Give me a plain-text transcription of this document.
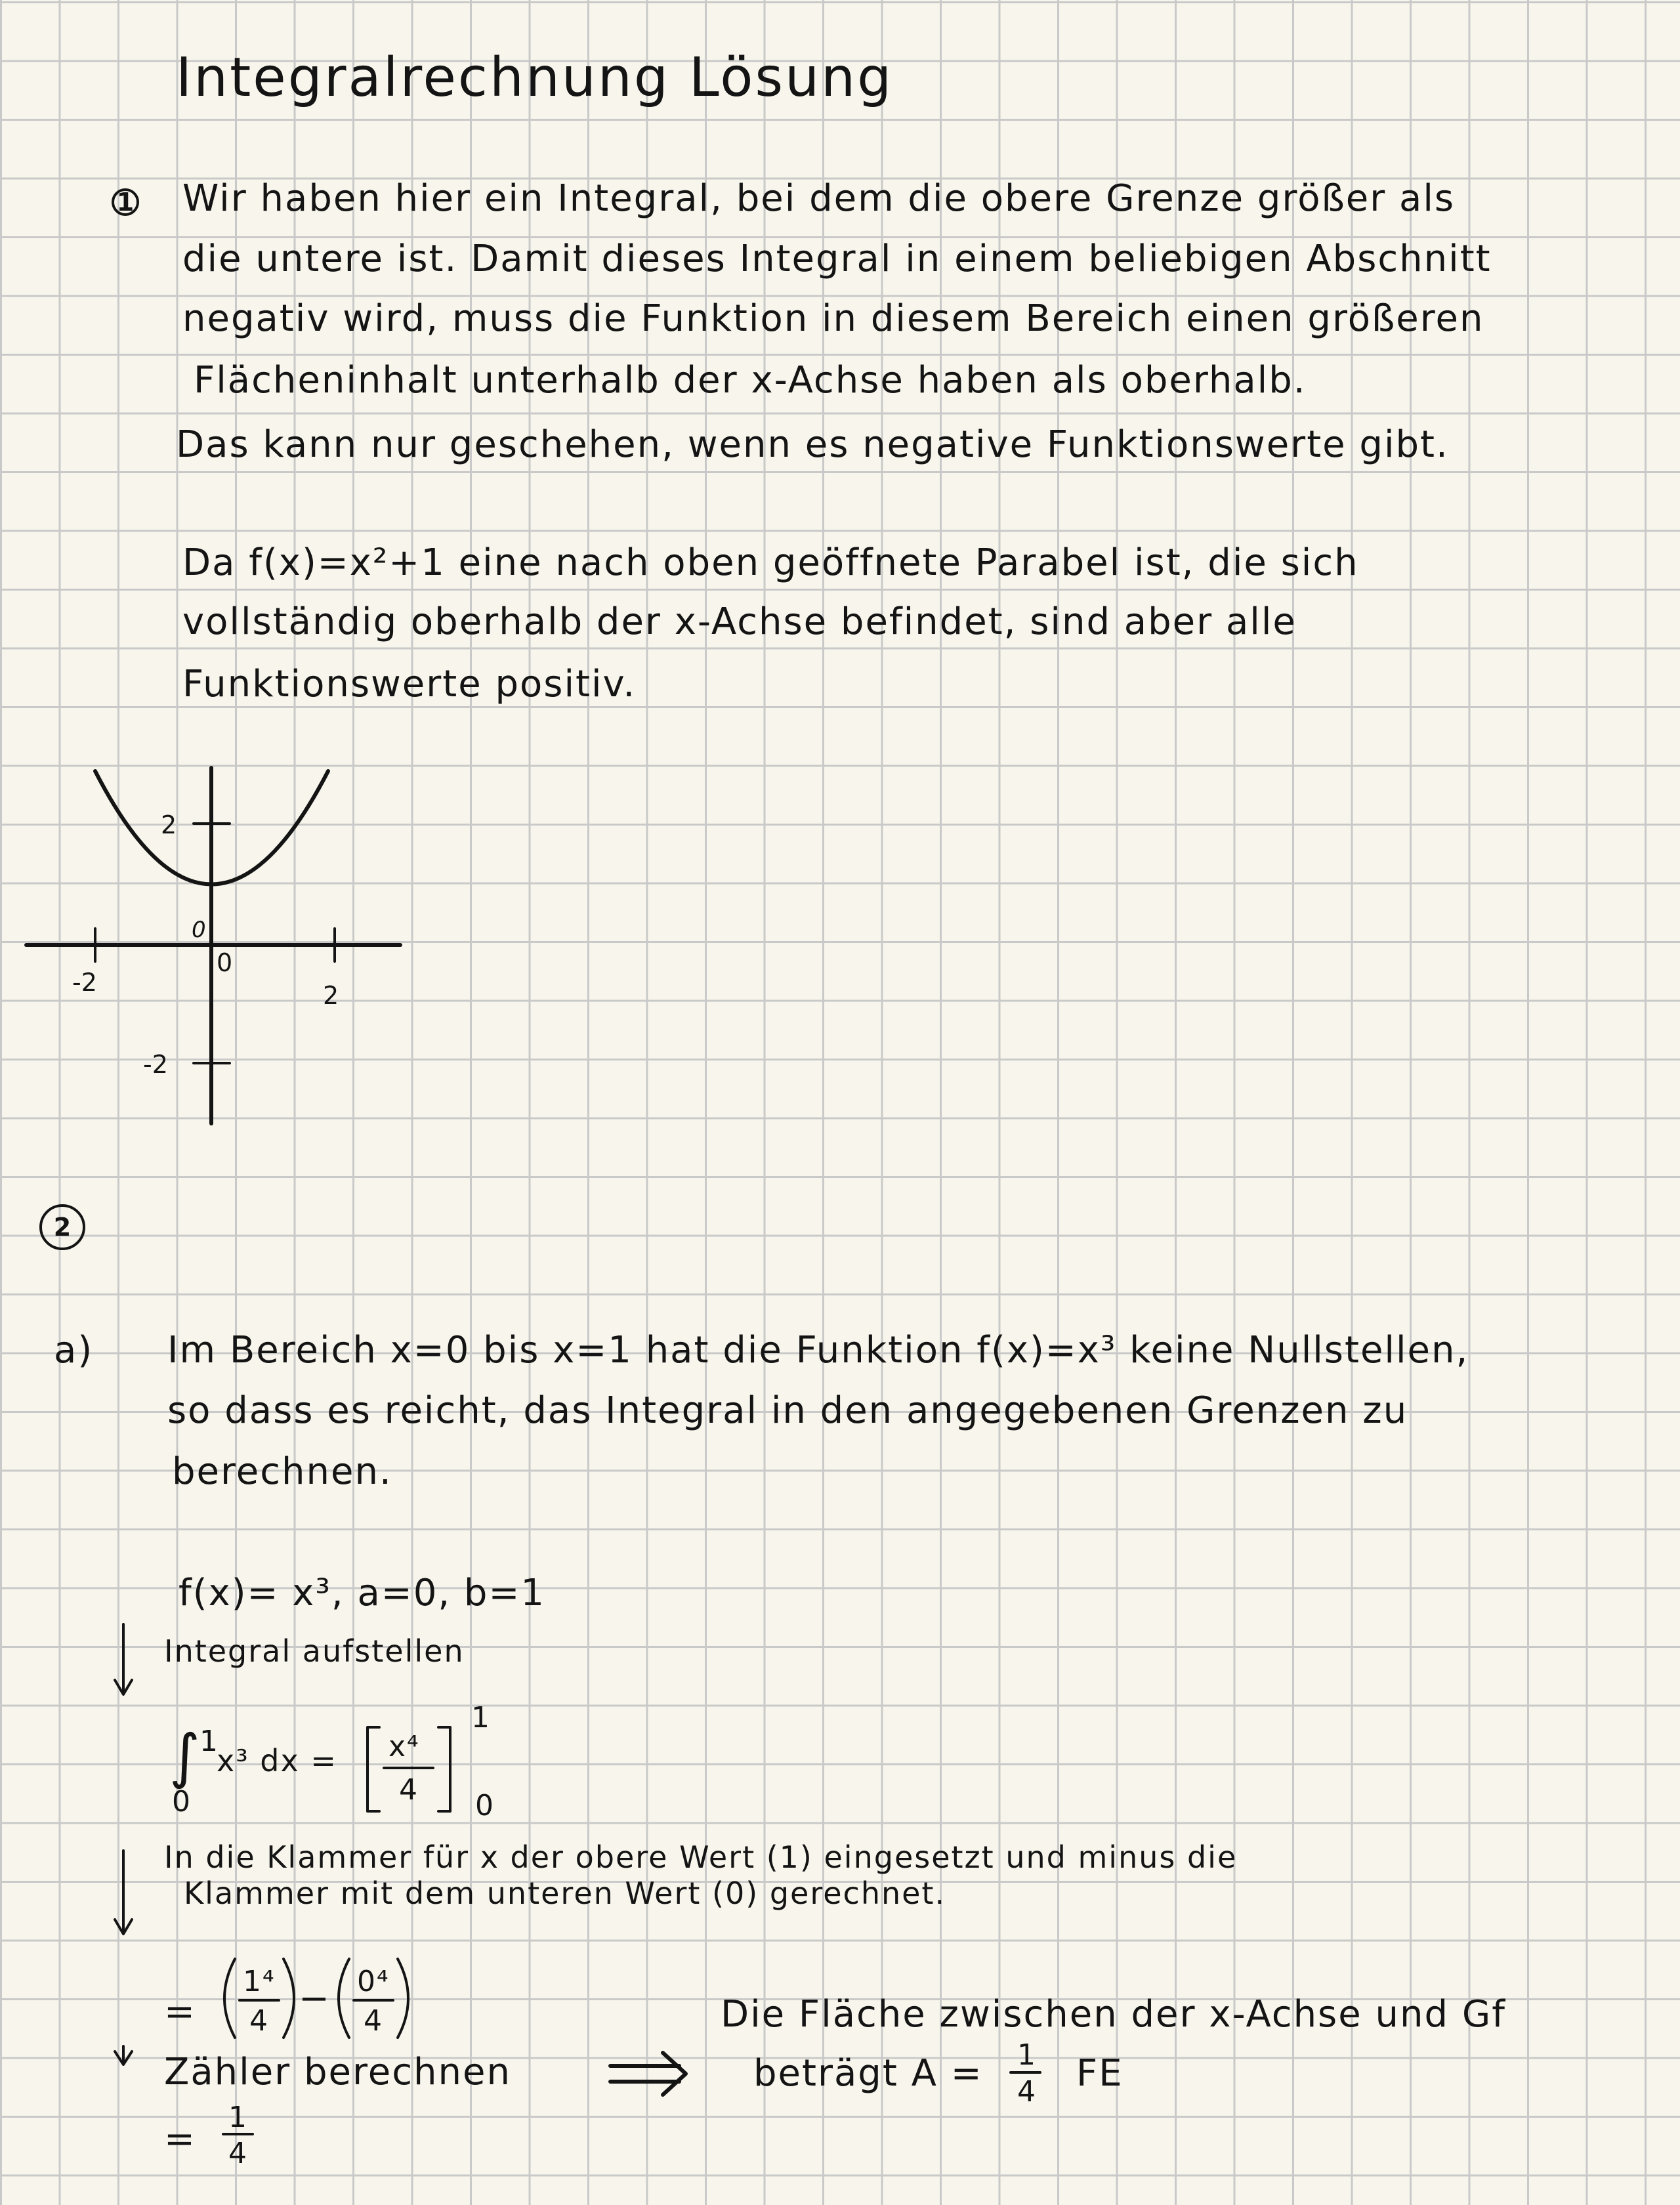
Integralrechnung Lösung
1 Wir haben hier ein Integral, bei dem die obere Grenze größer als
die untere ist. Damit dieses Integral in einem beliebigen Abschnitt
negativ wird, muss die Funktion in diesem Bereich einen größeren
Flächeninhalt unterhalb der x-Achse haben als oberhalb.
Das kann nur geschehen, wenn es negative Funktionswerte gibt.
Da f(x)=x²+1 eine nach oben geöffnete Parabel ist, die sich
vollständig oberhalb der x-Achse befindet, sind aber alle
Funktionswerte positiv.
0
0
-2	2
2
-2
2
a) Im Bereich x=0 bis x=1 hat die Funktion f(x)=x³ keine Nullstellen,
so dass es reicht, das Integral in den angegebenen Grenzen zu
berechnen.
f(x)= x³, a=0, b=1
Integral aufstellen
∫
1
0
x³ dx = x⁴
4
1
0
In die Klammer für x der obere Wert (1) eingesetzt und minus die
Klammer mit dem unteren Wert (0) gerechnet.
=
1⁴
4
− 0⁴
4
Zähler berechnen
=
1
4
Die Fläche zwischen der x-Achse und Gf
beträgt A = 1
4 FE
